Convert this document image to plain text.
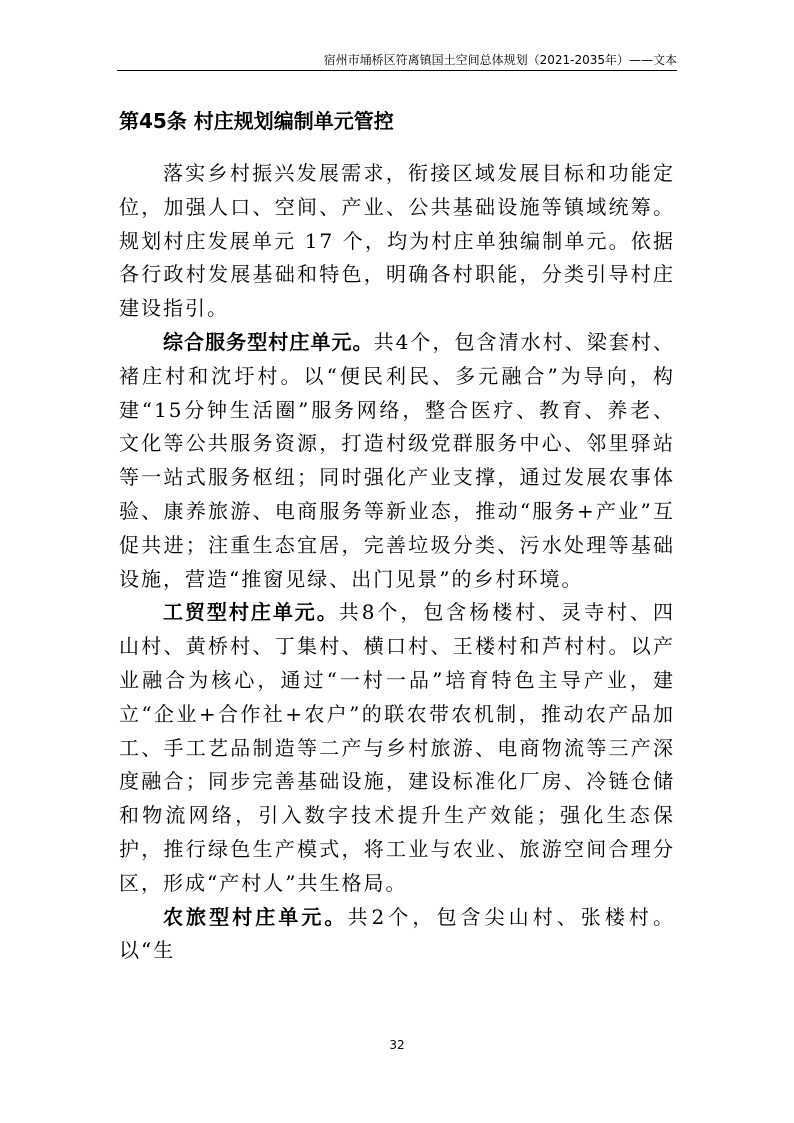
宿州市埇桥区符离镇国土空间总体规划（2021-2035年）——文本
第45条 村庄规划编制单元管控

落实乡村振兴发展需求，衔接区域发展目标和功能定位，加强人口、空间、产业、公共基础设施等镇域统筹。规划村庄发展单元 17 个，均为村庄单独编制单元。依据各行政村发展基础和特色，明确各村职能，分类引导村庄建设指引。

综合服务型村庄单元。共4个，包含清水村、梁套村、褚庄村和沈圩村。以“便民利民、多元融合”为导向，构建“15分钟生活圈”服务网络，整合医疗、教育、养老、文化等公共服务资源，打造村级党群服务中心、邻里驿站等一站式服务枢纽；同时强化产业支撑，通过发展农事体验、康养旅游、电商服务等新业态，推动“服务+产业”互促共进；注重生态宜居，完善垃圾分类、污水处理等基础设施，营造“推窗见绿、出门见景”的乡村环境。

工贸型村庄单元。共8个，包含杨楼村、灵寺村、四山村、黄桥村、丁集村、横口村、王楼村和芦村村。以产业融合为核心，通过“一村一品”培育特色主导产业，建立“企业+合作社+农户”的联农带农机制，推动农产品加工、手工艺品制造等二产与乡村旅游、电商物流等三产深度融合；同步完善基础设施，建设标准化厂房、冷链仓储和物流网络，引入数字技术提升生产效能；强化生态保护，推行绿色生产模式，将工业与农业、旅游空间合理分区，形成“产村人”共生格局。

农旅型村庄单元。共2个，包含尖山村、张楼村。以“生

32
